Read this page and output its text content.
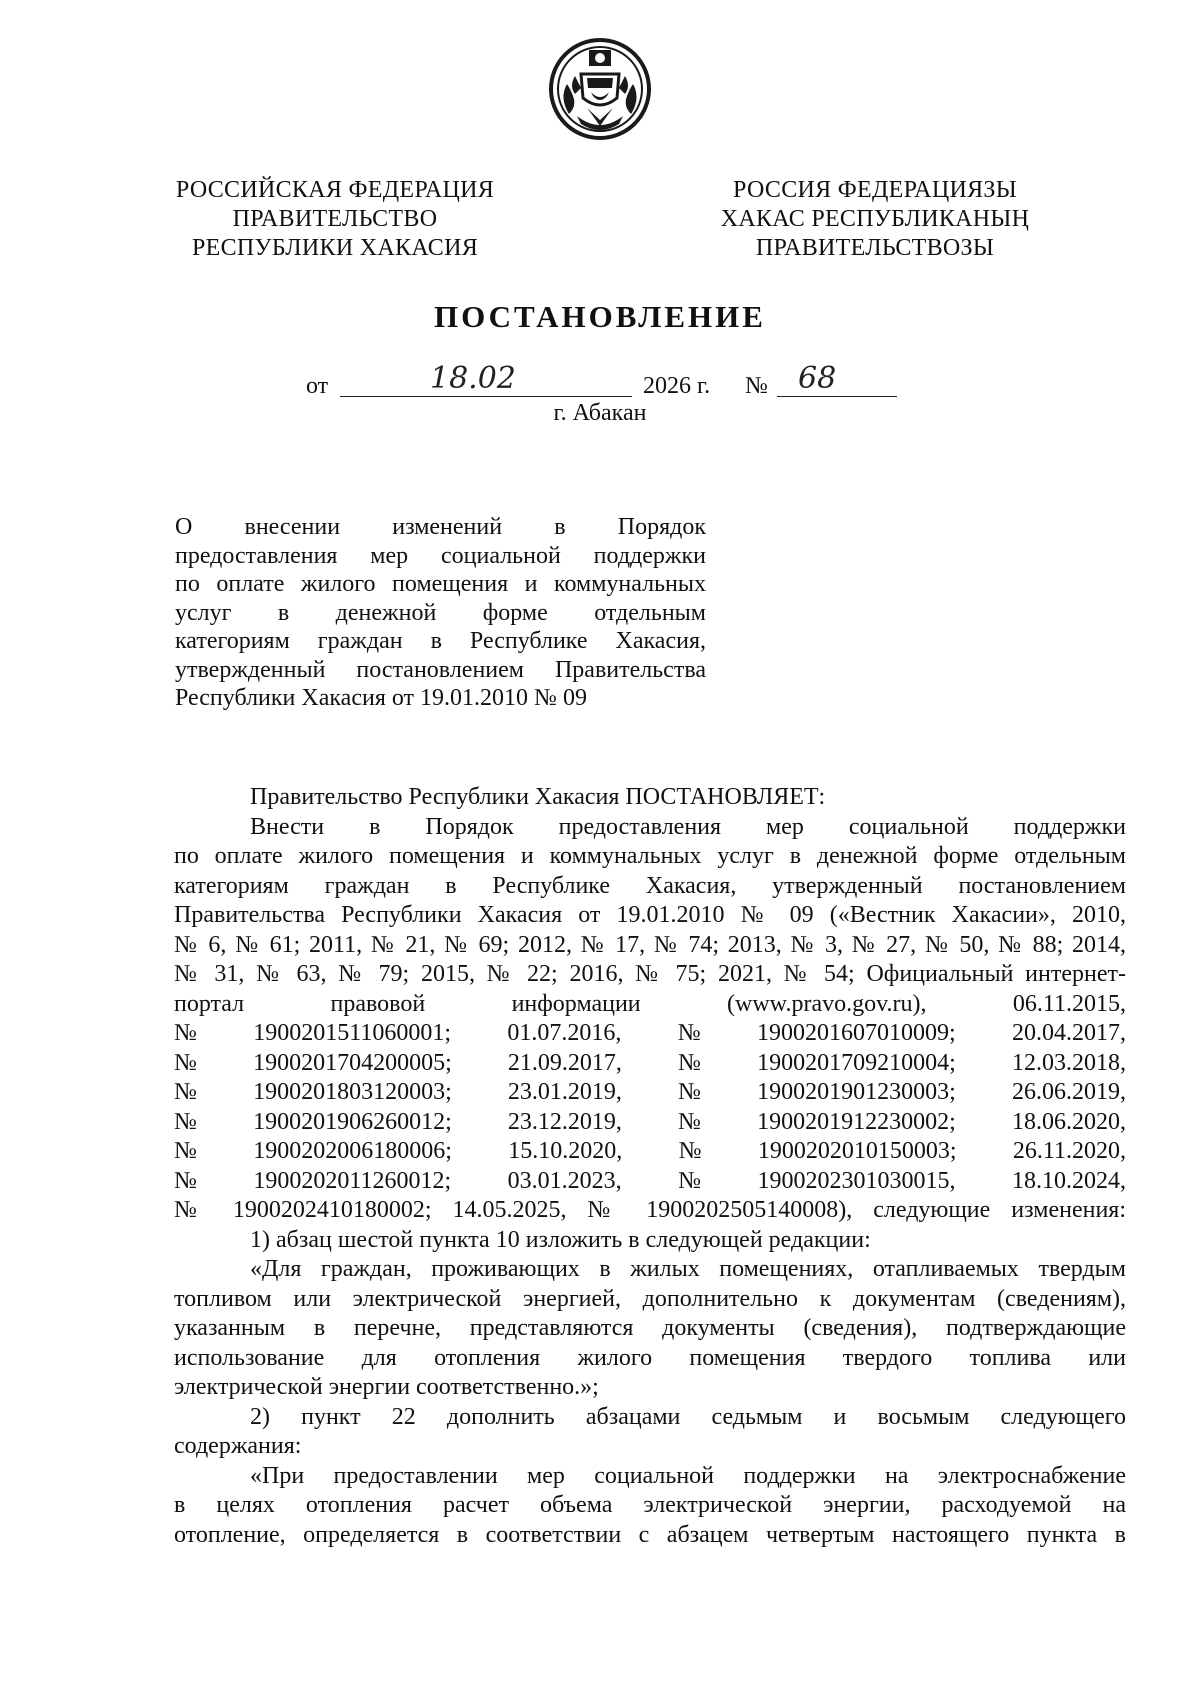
РОССИЙСКАЯ ФЕДЕРАЦИЯ
ПРАВИТЕЛЬСТВО
РЕСПУБЛИКИ ХАКАСИЯ
РОССИЯ ФЕДЕРАЦИЯЗЫ
ХАКАС РЕСПУБЛИКАНЫҢ
ПРАВИТЕЛЬСТВОЗЫ
ПОСТАНОВЛЕНИЕ
от	18.02	2026 г. № 68
г. Абакан
О внесении изменений в Порядок
предоставления мер социальной поддержки
по оплате жилого помещения и коммунальных
услуг в денежной форме отдельным
категориям граждан в Республике Хакасия,
утвержденный постановлением Правительства
Республики Хакасия от 19.01.2010 № 09
Правительство Республики Хакасия ПОСТАНОВЛЯЕТ:
Внести в Порядок предоставления мер социальной поддержки
по оплате жилого помещения и коммунальных услуг в денежной форме отдельным
категориям граждан в Республике Хакасия, утвержденный постановлением
Правительства Республики Хакасия от 19.01.2010 № 09 («Вестник Хакасии», 2010,
№ 6, № 61; 2011, № 21, № 69; 2012, № 17, № 74; 2013, № 3, № 27, № 50, № 88; 2014,
№ 31, № 63, № 79; 2015, № 22; 2016, № 75; 2021, № 54; Официальный интернет-
портал	правовой	информации	(www.pravo.gov.ru),	06.11.2015,
№ 1900201511060001; 01.07.2016, № 1900201607010009; 20.04.2017,
№ 1900201704200005; 21.09.2017, № 1900201709210004; 12.03.2018,
№ 1900201803120003; 23.01.2019, № 1900201901230003; 26.06.2019,
№ 1900201906260012; 23.12.2019, № 1900201912230002; 18.06.2020,
№ 1900202006180006; 15.10.2020, № 1900202010150003; 26.11.2020,
№ 1900202011260012; 03.01.2023, № 1900202301030015, 18.10.2024,
№ 1900202410180002; 14.05.2025, № 1900202505140008), следующие изменения:
1) абзац шестой пункта 10 изложить в следующей редакции:
«Для граждан, проживающих в жилых помещениях, отапливаемых твердым
топливом или электрической энергией, дополнительно к документам (сведениям),
указанным в перечне, представляются документы (сведения), подтверждающие
использование для отопления жилого помещения твердого топлива или
электрической энергии соответственно.»;
2) пункт 22 дополнить абзацами седьмым и восьмым следующего
содержания:
«При предоставлении мер социальной поддержки на электроснабжение
в целях отопления расчет объема электрической энергии, расходуемой на
отопление, определяется в соответствии с абзацем четвертым настоящего пункта в
